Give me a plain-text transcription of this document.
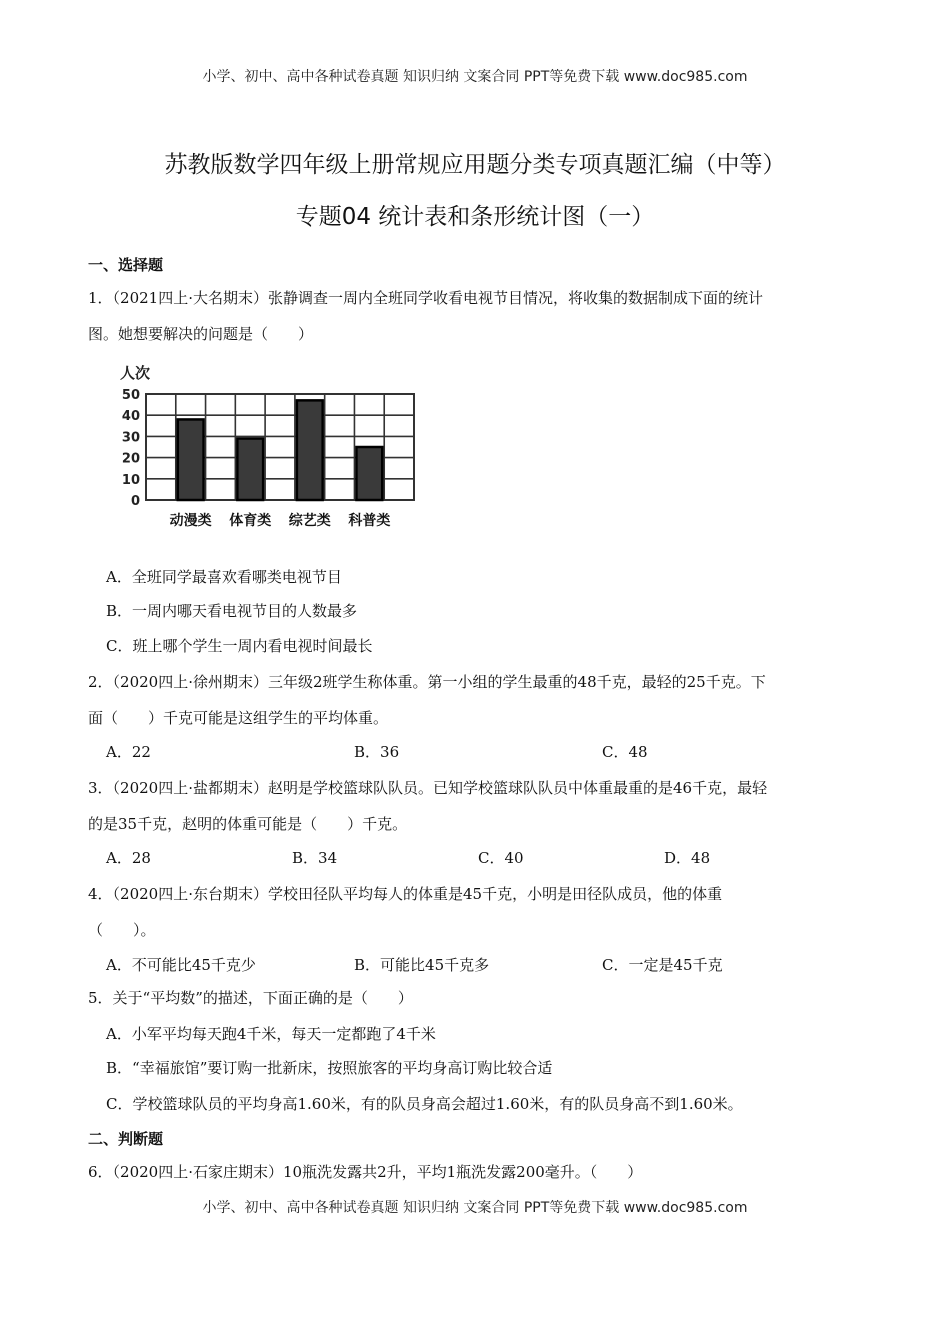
小学、初中、高中各种试卷真题 知识归纳 文案合同 PPT等免费下载 www.doc985.com
苏教版数学四年级上册常规应用题分类专项真题汇编（中等）
专题04 统计表和条形统计图（一）
一、选择题
1．（2021四上·大名期末）张静调查一周内全班同学收看电视节目情况，将收集的数据制成下面的统计
图。她想要解决的问题是（　　）
人次
0
10
20
30
40
50
动漫类 体育类 综艺类 科普类
A．全班同学最喜欢看哪类电视节目
B．一周内哪天看电视节目的人数最多
C．班上哪个学生一周内看电视时间最长
2．（2020四上·徐州期末）三年级2班学生称体重。第一小组的学生最重的48千克，最轻的25千克。下
面（　　）千克可能是这组学生的平均体重。
A．22	B．36	C．48
3．（2020四上·盐都期末）赵明是学校篮球队队员。已知学校篮球队队员中体重最重的是46千克，最轻
的是35千克，赵明的体重可能是（　　）千克。
A．28	B．34	C．40	D．48
4．（2020四上·东台期末）学校田径队平均每人的体重是45千克，小明是田径队成员，他的体重
（　　）。
A．不可能比45千克少	B．可能比45千克多	C．一定是45千克
5．关于“平均数”的描述，下面正确的是（　　）
A．小军平均每天跑4千米，每天一定都跑了4千米
B．“幸福旅馆”要订购一批新床，按照旅客的平均身高订购比较合适
C．学校篮球队员的平均身高1.60米，有的队员身高会超过1.60米，有的队员身高不到1.60米。
二、判断题
6．（2020四上·石家庄期末）10瓶洗发露共2升，平均1瓶洗发露200毫升。（　　）
小学、初中、高中各种试卷真题 知识归纳 文案合同 PPT等免费下载 www.doc985.com
